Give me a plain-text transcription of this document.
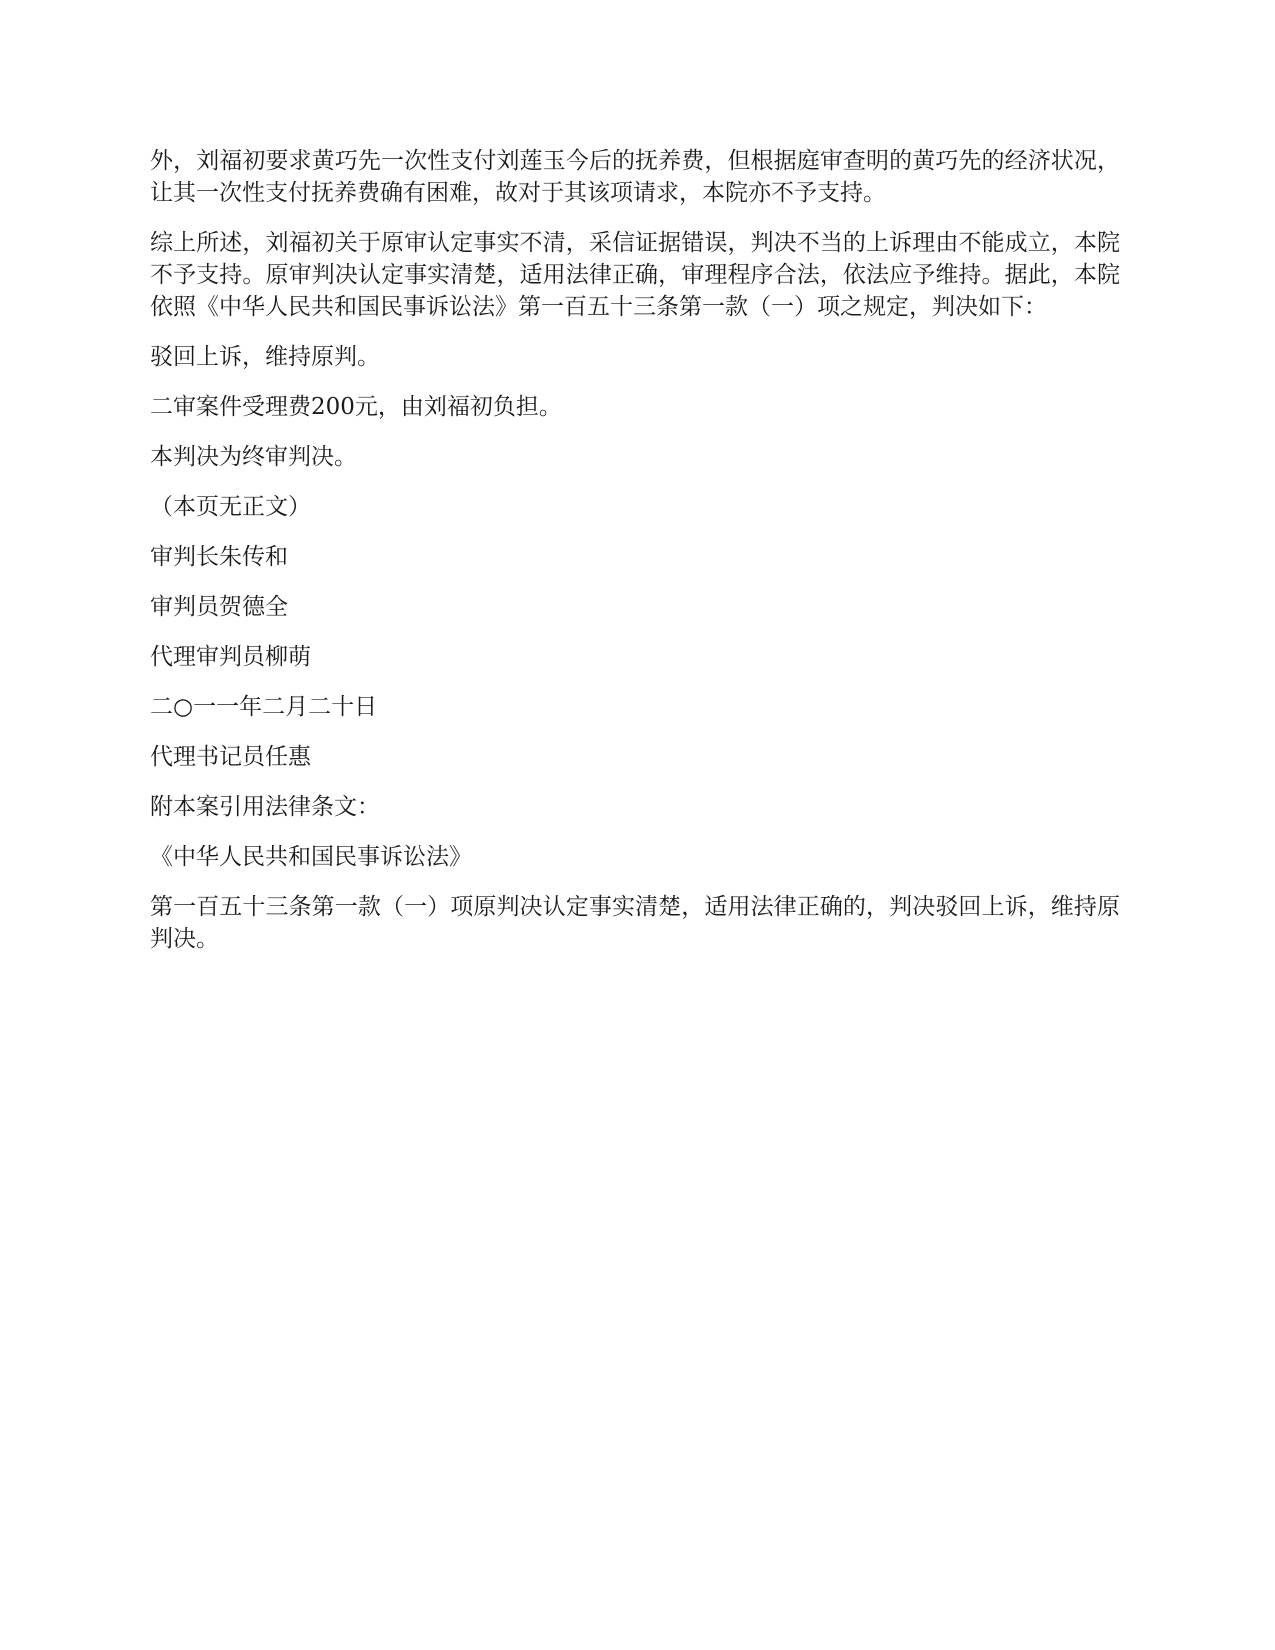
外，刘福初要求黄巧先一次性支付刘莲玉今后的抚养费，但根据庭审查明的黄巧先的经济状况，让其一次性支付抚养费确有困难，故对于其该项请求，本院亦不予支持。

综上所述，刘福初关于原审认定事实不清，采信证据错误，判决不当的上诉理由不能成立，本院不予支持。原审判决认定事实清楚，适用法律正确，审理程序合法，依法应予维持。据此，本院依照《中华人民共和国民事诉讼法》第一百五十三条第一款（一）项之规定，判决如下：

驳回上诉，维持原判。

二审案件受理费200元，由刘福初负担。

本判决为终审判决。

（本页无正文）

审判长朱传和

审判员贺德全

代理审判员柳萌

二○一一年二月二十日

代理书记员任惠

附本案引用法律条文：

《中华人民共和国民事诉讼法》

第一百五十三条第一款（一）项原判决认定事实清楚，适用法律正确的，判决驳回上诉，维持原判决。
